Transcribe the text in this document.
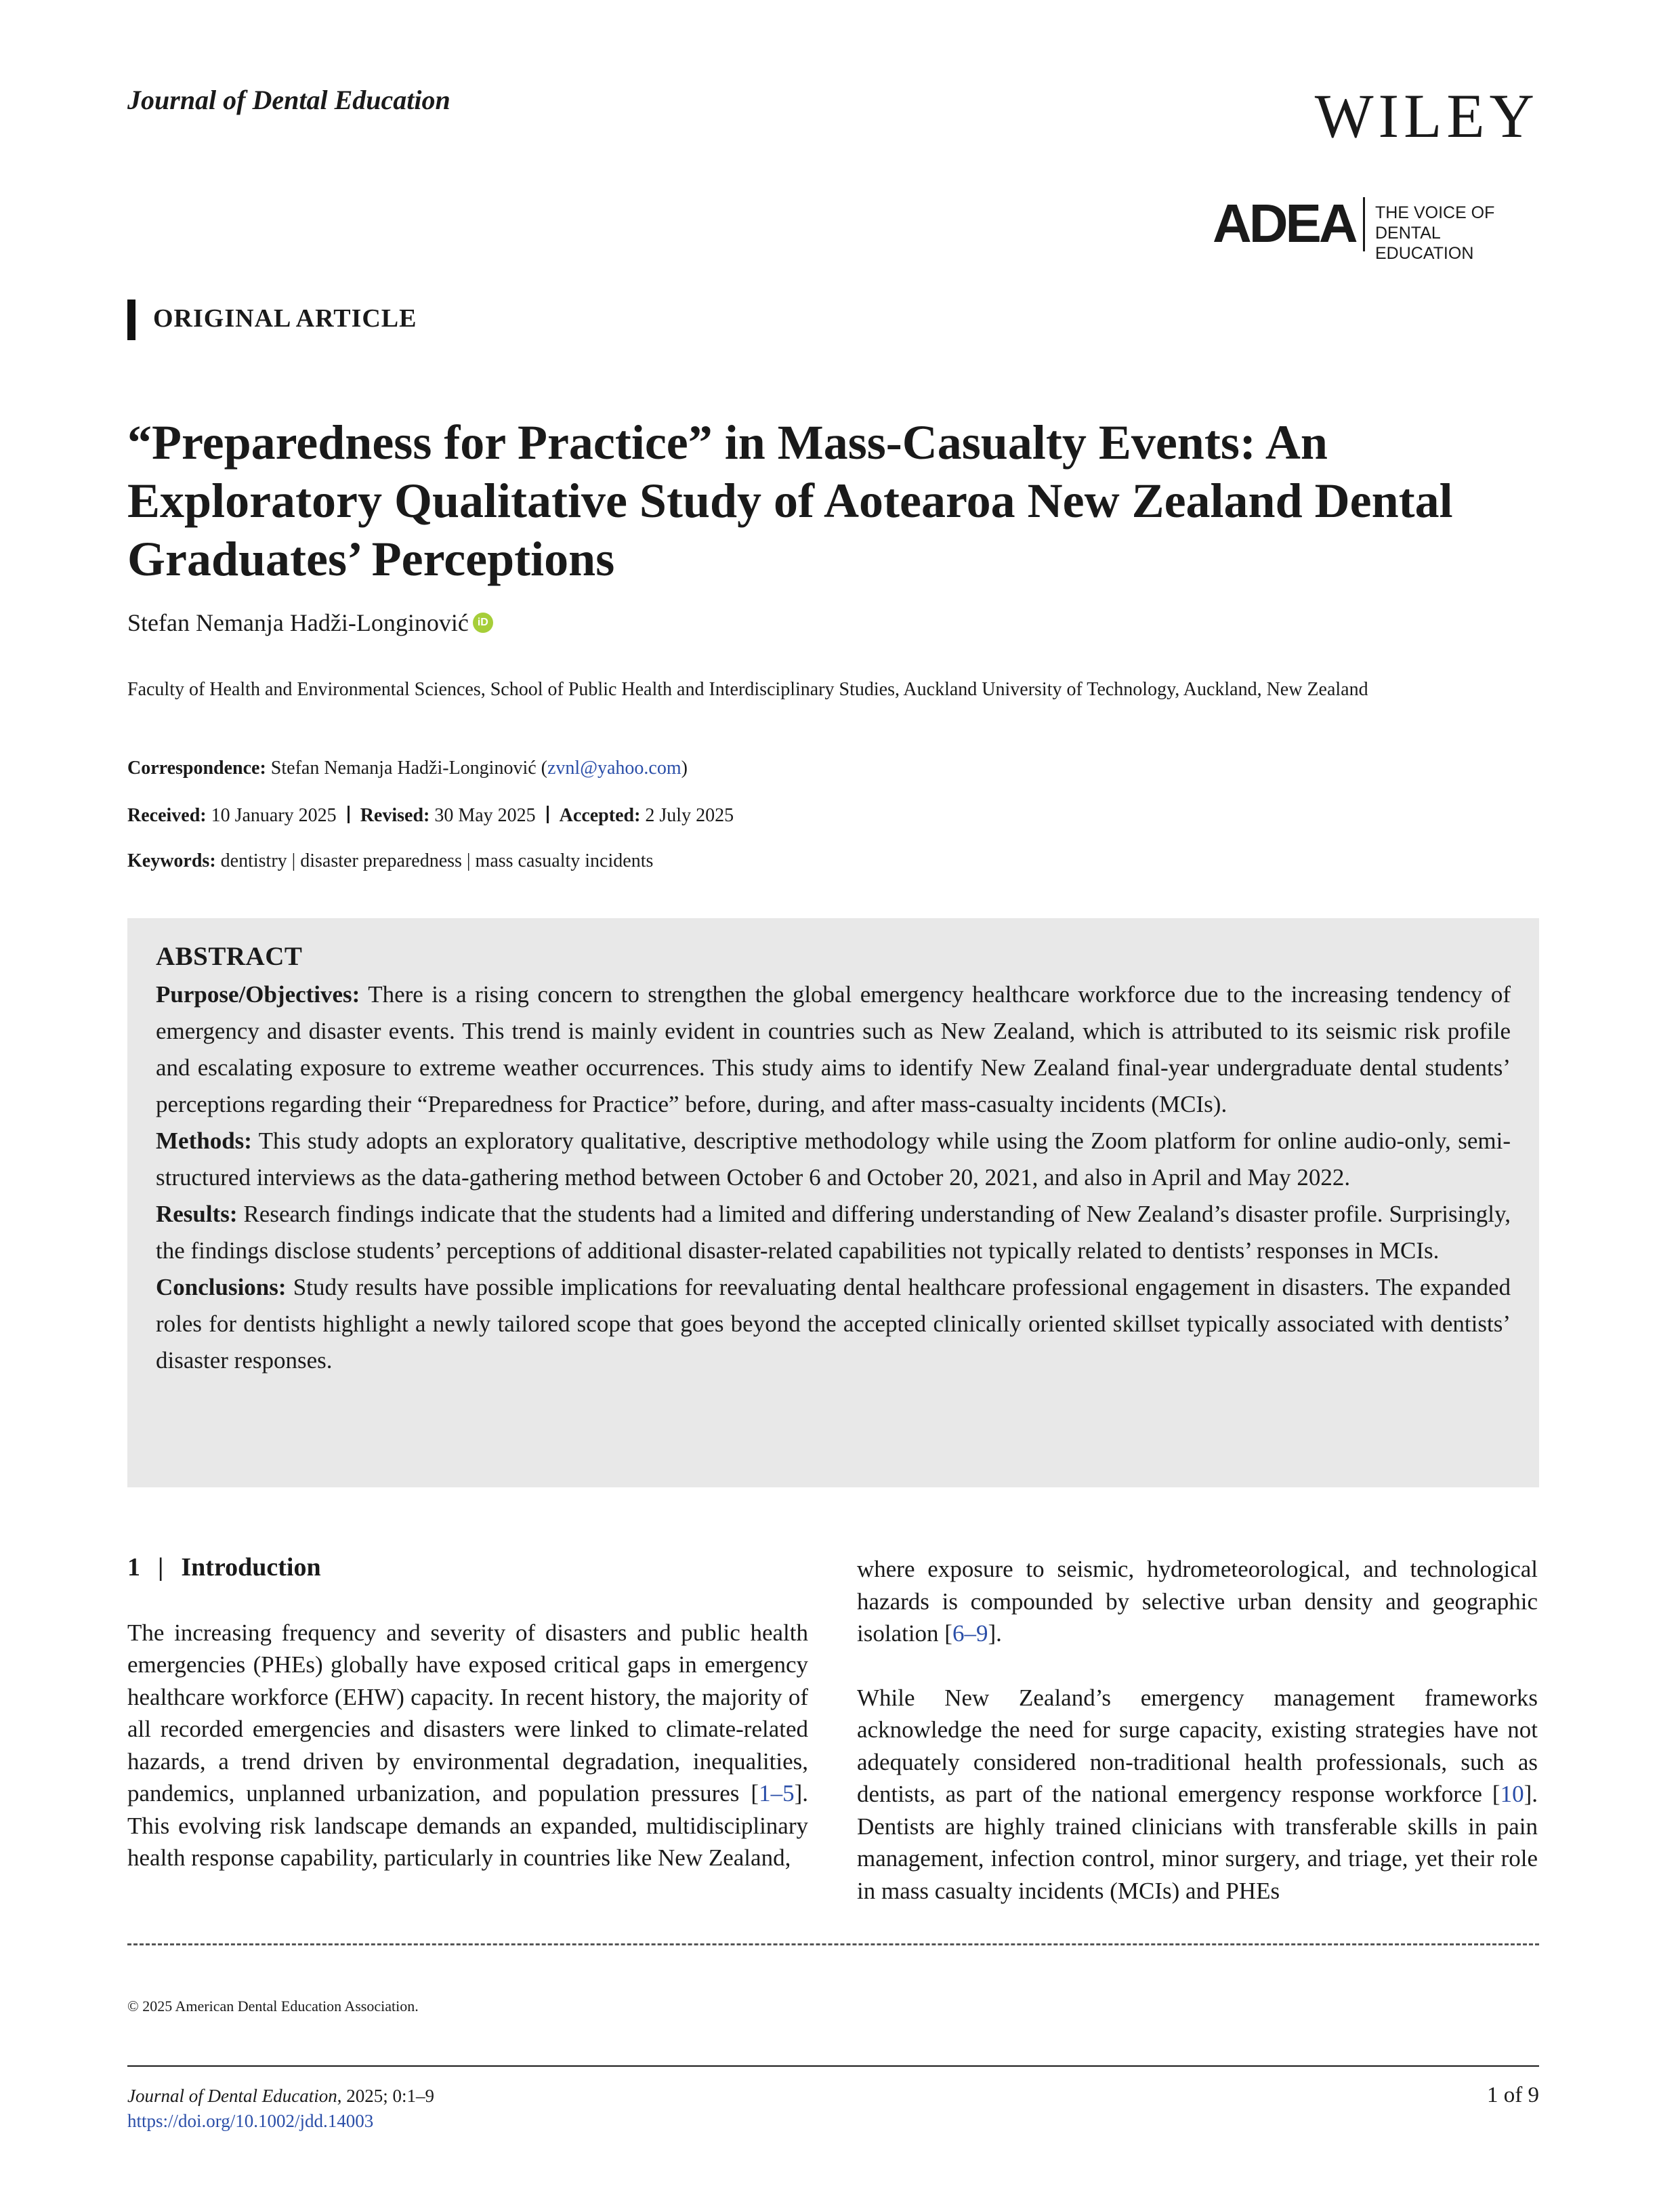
Journal of Dental Education	WILEY
ADEA THE VOICE OF
DENTAL EDUCATION
ORIGINAL ARTICLE
“Preparedness for Practice” in Mass-Casualty Events: An Exploratory Qualitative Study of Aotearoa New Zealand Dental Graduates’ Perceptions
Stefan Nemanja Hadži-Longinović iD
Faculty of Health and Environmental Sciences, School of Public Health and Interdisciplinary Studies, Auckland University of Technology, Auckland, New Zealand
Correspondence: Stefan Nemanja Hadži-Longinović (zvnl@yahoo.com)
Received: 10 January 2025 Revised: 30 May 2025 Accepted: 2 July 2025
Keywords: dentistry | disaster preparedness | mass casualty incidents
ABSTRACT

Purpose/Objectives: There is a rising concern to strengthen the global emergency healthcare workforce due to the increasing tendency of emergency and disaster events. This trend is mainly evident in countries such as New Zealand, which is attributed to its seismic risk profile and escalating exposure to extreme weather occurrences. This study aims to identify New Zealand final-year undergraduate dental students’ perceptions regarding their “Preparedness for Practice” before, during, and after mass-casualty incidents (MCIs).

Methods: This study adopts an exploratory qualitative, descriptive methodology while using the Zoom platform for online audio-only, semi-structured interviews as the data-gathering method between October 6 and October 20, 2021, and also in April and May 2022.

Results: Research findings indicate that the students had a limited and differing understanding of New Zealand’s disaster profile. Surprisingly, the findings disclose students’ perceptions of additional disaster-related capabilities not typically related to dentists’ responses in MCIs.

Conclusions: Study results have possible implications for reevaluating dental healthcare professional engagement in disasters. The expanded roles for dentists highlight a newly tailored scope that goes beyond the accepted clinically oriented skillset typically associated with dentists’ disaster responses.

1 | Introduction

The increasing frequency and severity of disasters and public health emergencies (PHEs) globally have exposed critical gaps in emergency healthcare workforce (EHW) capacity. In recent history, the majority of all recorded emergencies and disasters were linked to climate-related hazards, a trend driven by environmental degradation, inequalities, pandemics, unplanned urbanization, and population pressures [1–5]. This evolving risk landscape demands an expanded, multidisciplinary health response capability, particularly in countries like New Zealand,

where exposure to seismic, hydrometeorological, and technological hazards is compounded by selective urban density and geographic isolation [6–9].

While New Zealand’s emergency management frameworks acknowledge the need for surge capacity, existing strategies have not adequately considered non-traditional health professionals, such as dentists, as part of the national emergency response workforce [10]. Dentists are highly trained clinicians with transferable skills in pain management, infection control, minor surgery, and triage, yet their role in mass casualty incidents (MCIs) and PHEs

© 2025 American Dental Education Association.
Journal of Dental Education, 2025; 0:1–9
https://doi.org/10.1002/jdd.14003
1 of 9
